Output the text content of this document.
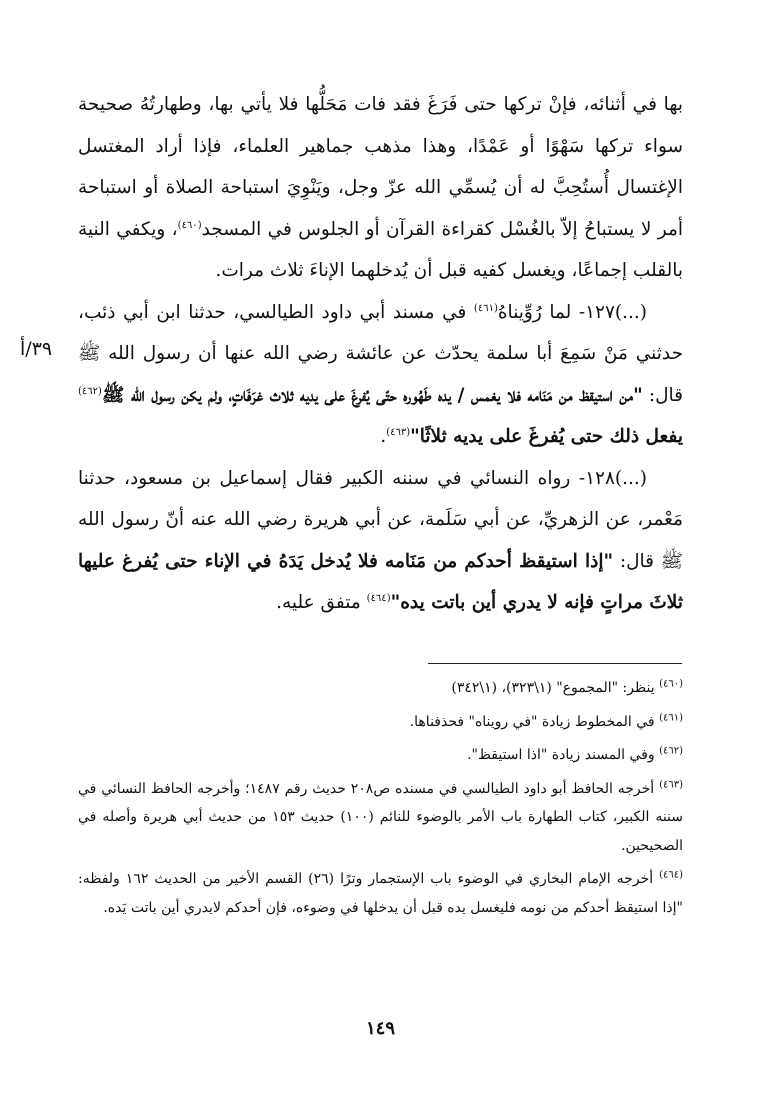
بها في أثنائه، فإنْ تركها حتى فَرَغَ فقد فات مَحَلُّها فلا يأتي بها، وطهارتُهُ صحيحة سواء تركها سَهْوًا أو عَمْدًا، وهذا مذهب جماهير العلماء، فإذا أراد المغتسل الإغتسال أُستُحِبَّ له أن يُسمِّي الله عزّ وجل، ويَنْوِيَ استباحة الصلاة أو استباحة أمر لا يستباحُ إلاّ بالغُسْل كقراءة القرآن أو الجلوس في المسجد$^{(٤٦٠)}$، ويكفي النية بالقلب إجماعًا، ويغسل كفيه قبل أن يُدخلهما الإناءَ ثلاث مرات.

(...)١٢٧- لما رُوِّيناهُ$^{(٤٦١)}$ في مسند أبي داود الطيالسي، حدثنا ابن أبي ذئب، حدثني مَنْ سَمِعَ أبا سلمة يحدّث عن عائشة رضي الله عنها أن رسول الله ﷺ قال: "من استيقظ من مَنَامه فلا يغمس / يده طَهُوره حتّى يُفرغَ على يديه ثلاث غرَفَاتٍ، ولم يكن رسول الله ﷺ$^{(٤٦٢)}$ يفعل ذلك حتى يُفرغَ على يديه ثلاثًا"$^{(٤٦٣)}$.

(...)١٢٨- رواه النسائي في سننه الكبير فقال إسماعيل بن مسعود، حدثنا مَعْمر، عن الزهريِّ، عن أبي سَلَمة، عن أبي هريرة رضي الله عنه أنّ رسول الله ﷺ قال: "إذا استيقظ أحدكم من مَنَامه فلا يُدخل يَدَهُ في الإناء حتى يُفرغ عليها ثلاثَ مراتٍ فإنه لا يدري أين باتت يده"$^{(٤٦٤)}$ متفق عليه.

٣٩/أ

$^{(٤٦٠)}$ ينظر: "المجموع" (١\٣٢٣)، (١\٣٤٢)

$^{(٤٦١)}$ في المخطوط زيادة "في رويناه" فحذفناها.

$^{(٤٦٢)}$ وفي المسند زيادة "اذا استيقظ".

$^{(٤٦٣)}$ أخرجه الحافظ أبو داود الطيالسي في مسنده ص٢٠٨ حديث رقم ١٤٨٧؛ وأخرجه الحافظ النسائي في سننه الكبير، كتاب الطهارة باب الأمر بالوضوء للنائم (١٠٠) حديث ١٥٣ من حديث أبي هريرة وأصله في الصحيحين.

$^{(٤٦٤)}$ أخرجه الإمام البخاري في الوضوء باب الإستجمار وترًا (٢٦) القسم الأخير من الحديث ١٦٢ ولفظه: "إذا استيقظ أحدكم من نومه فليغسل يده قبل أن يدخلها في وضوءه، فإن أحدكم لايدري أين باتت يَده.

١٤٩
